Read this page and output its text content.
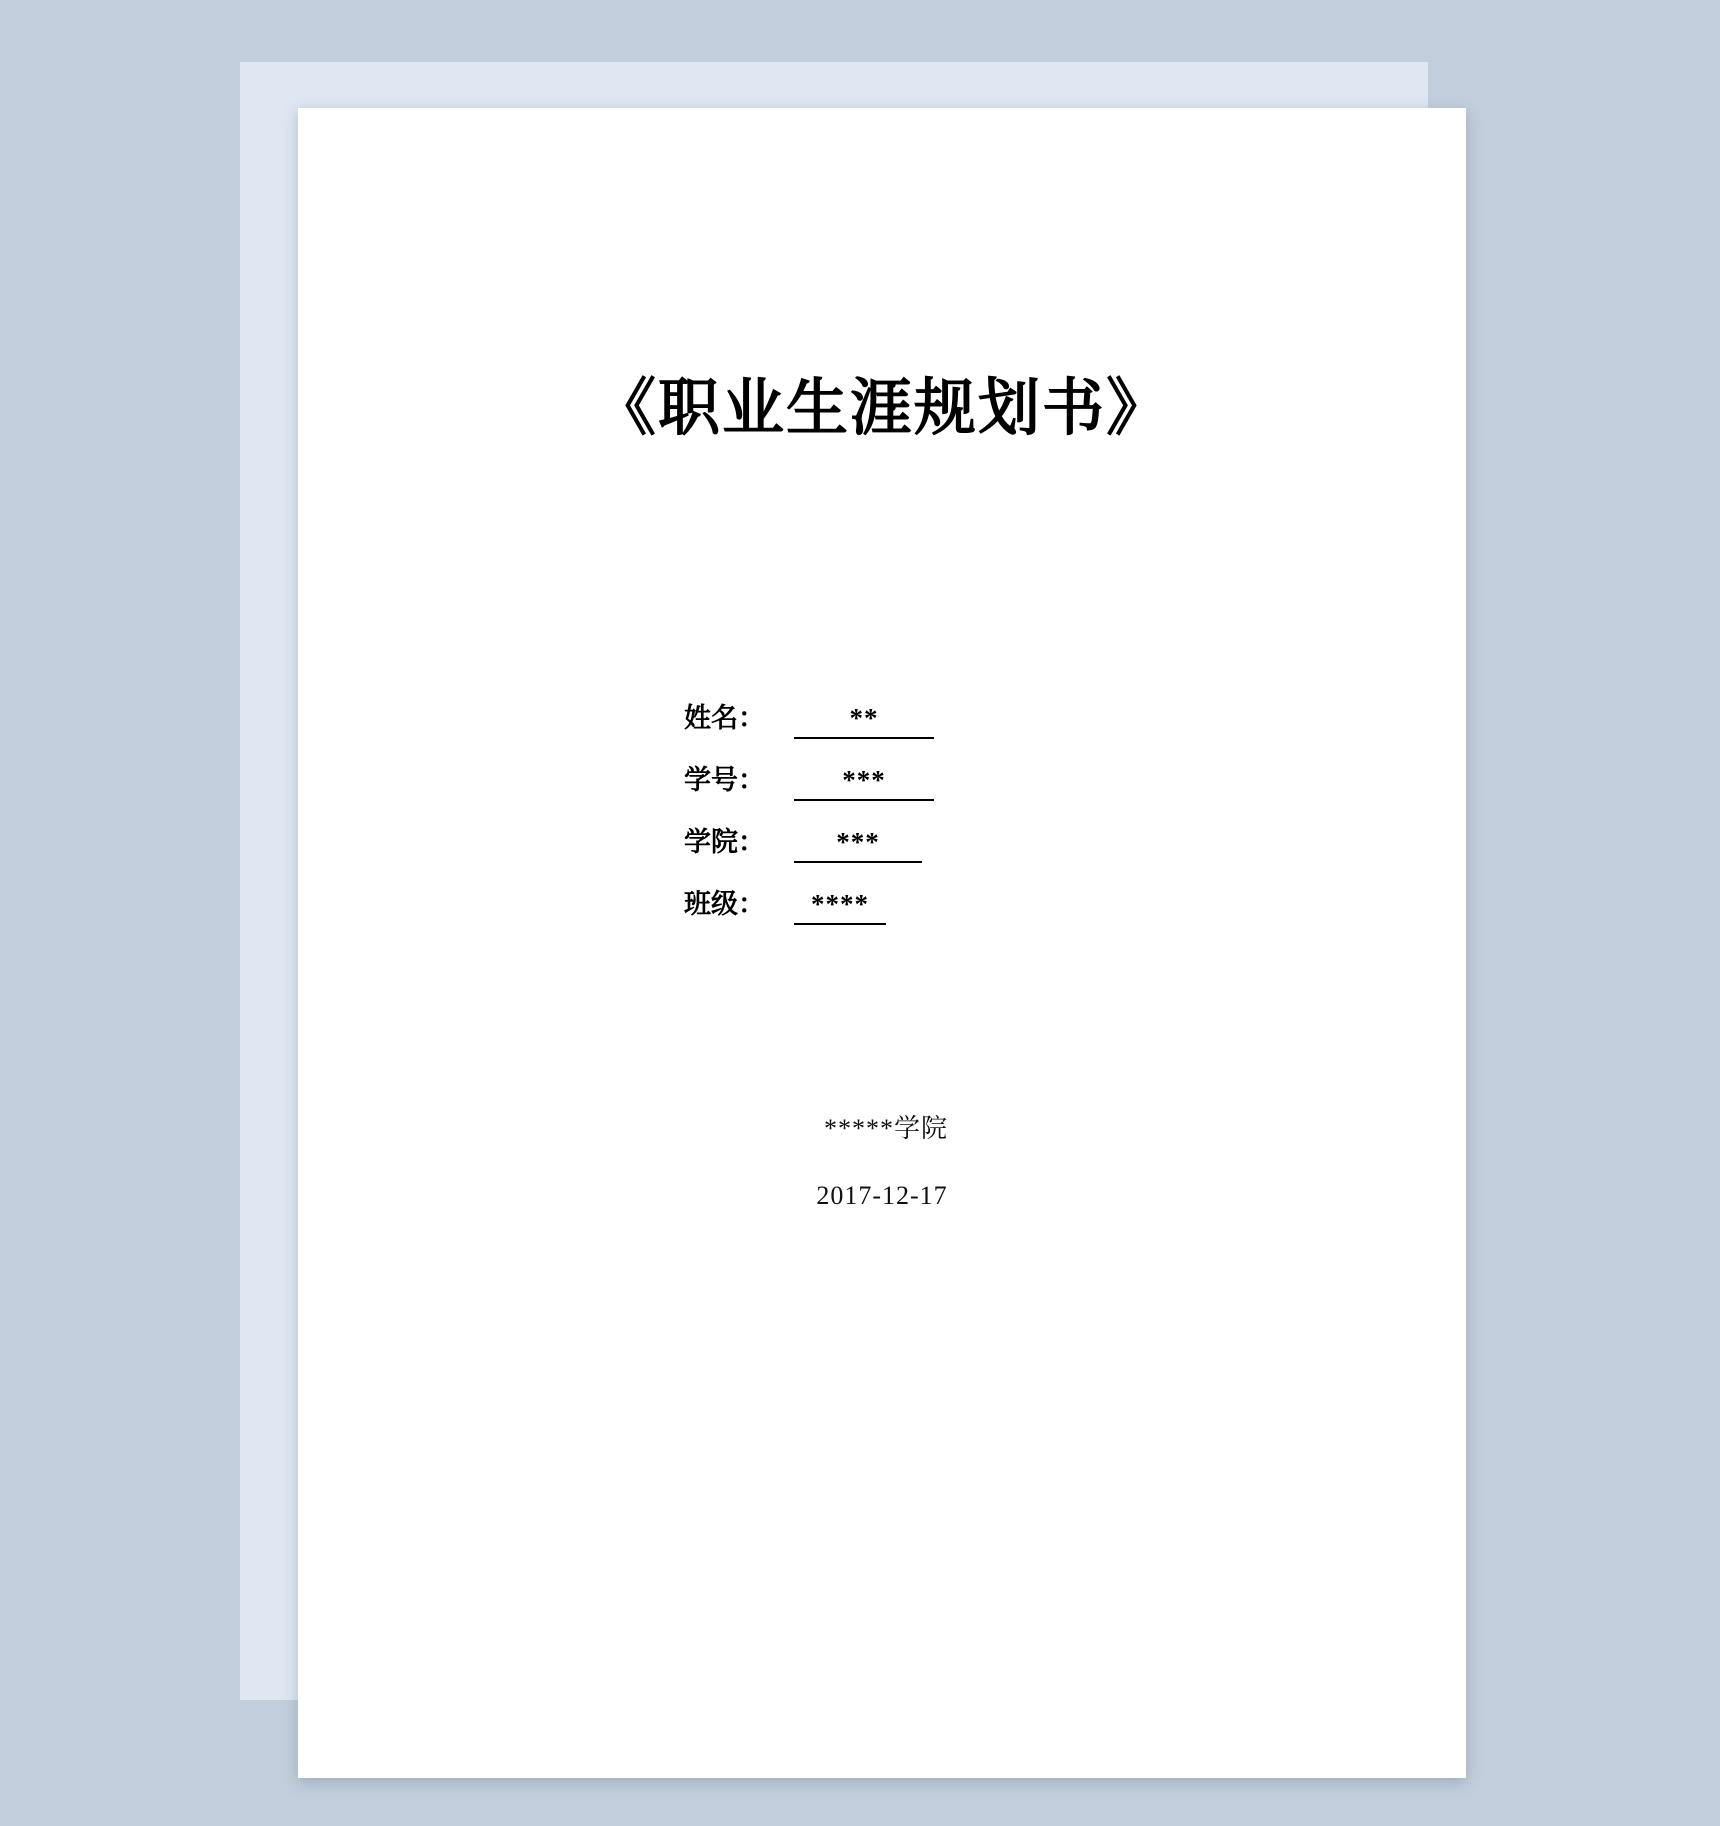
《职业生涯规划书》
姓名：	**
学号：	***
学院：	***
班级：	****
*****学院
2017-12-17
